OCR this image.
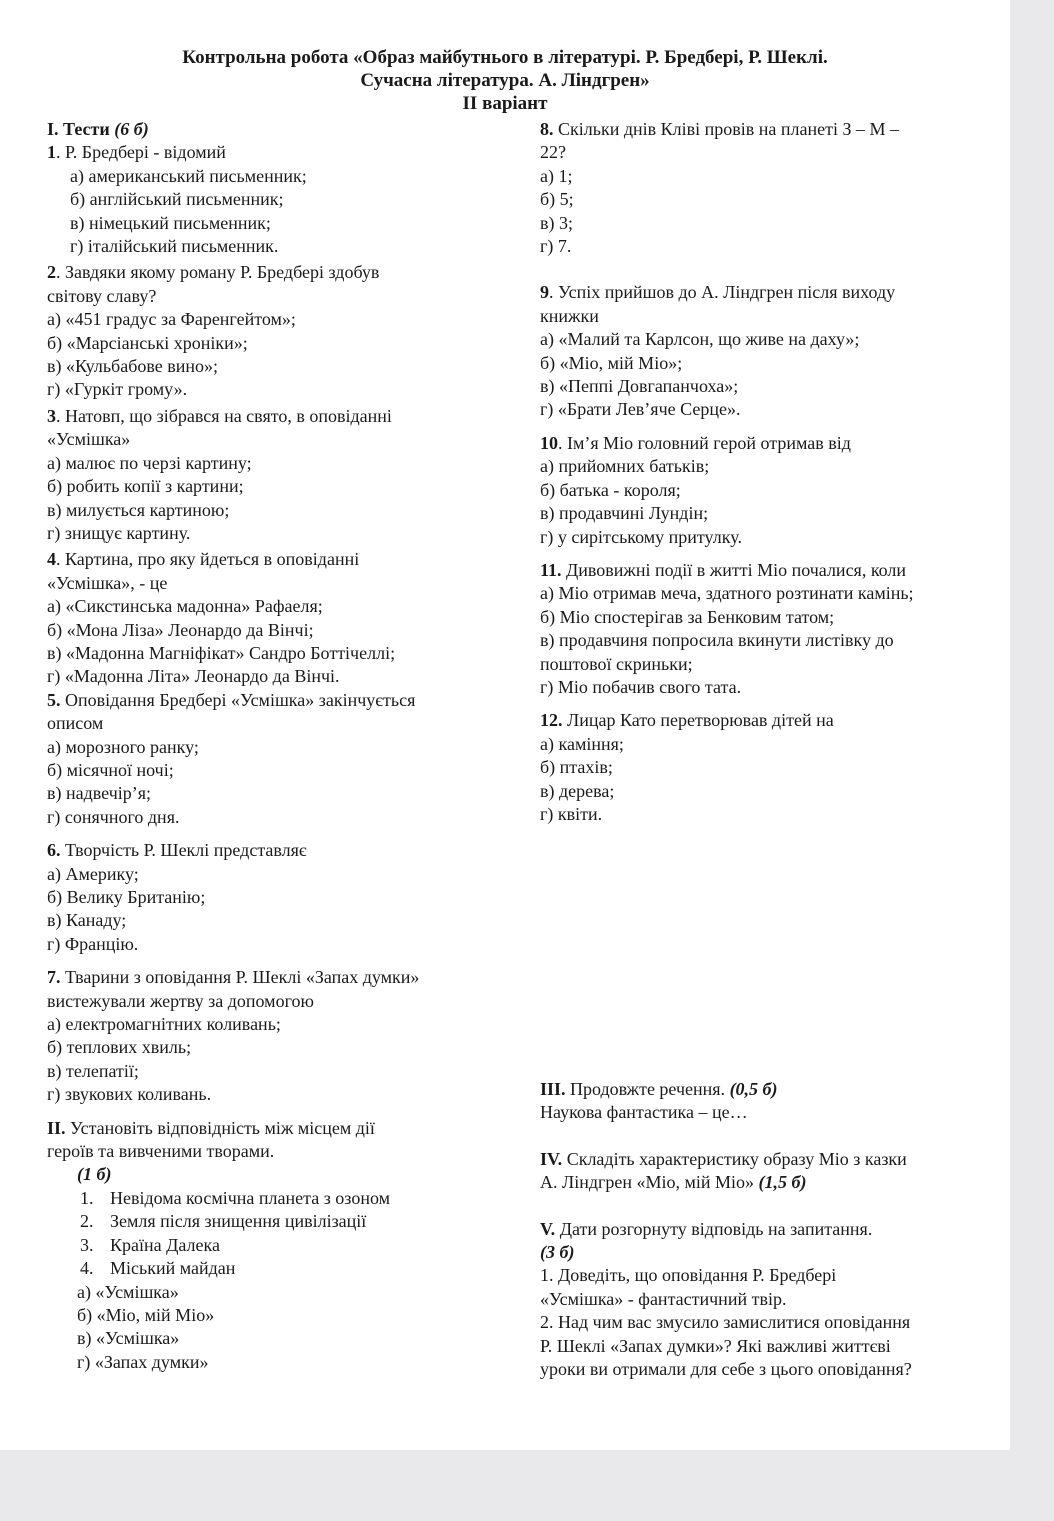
Контрольна робота «Образ майбутнього в літературі. Р. Бредбері, Р. Шеклі.
Сучасна література. А. Ліндгрен»
ІІ варіант
І. Тести (6 б)
1. Р. Бредбері - відомий
а) американський письменник;
б) англійський письменник;
в) німецький письменник;
г) італійський письменник.
2. Завдяки якому роману Р. Бредбері здобув
світову славу?
а) «451 градус за Фаренгейтом»;
б) «Марсіанські хроніки»;
в) «Кульбабове вино»;
г) «Гуркіт грому».
3. Натовп, що зібрався на свято, в оповіданні
«Усмішка»
а) малює по черзі картину;
б) робить копії з картини;
в) милується картиною;
г) знищує картину.
4. Картина, про яку йдеться в оповіданні
«Усмішка», - це
а) «Сикстинська мадонна» Рафаеля;
б) «Мона Ліза» Леонардо да Вінчі;
в) «Мадонна Магніфікат» Сандро Боттічеллі;
г) «Мадонна Літа» Леонардо да Вінчі.
5. Оповідання Бредбері «Усмішка» закінчується
описом
а) морозного ранку;
б) місячної ночі;
в) надвечір’я;
г) сонячного дня.
6. Творчість Р. Шеклі представляє
а) Америку;
б) Велику Британію;
в) Канаду;
г) Францію.
7. Тварини з оповідання Р. Шеклі «Запах думки»
вистежували жертву за допомогою
а) електромагнітних коливань;
б) теплових хвиль;
в) телепатії;
г) звукових коливань.
ІІ. Установіть відповідність між місцем дії
героїв та вивченими творами.
(1 б)
1. Невідома космічна планета з озоном
2. Земля після знищення цивілізації
3. Країна Далека
4. Міський майдан
а) «Усмішка»
б) «Міо, мій Міо»
в) «Усмішка»
г) «Запах думки»
8. Скільки днів Кліві провів на планеті З – М –
22?
а) 1;
б) 5;
в) 3;
г) 7.
9. Успіх прийшов до А. Ліндгрен після виходу
книжки
а) «Малий та Карлсон, що живе на даху»;
б) «Міо, мій Міо»;
в) «Пеппі Довгапанчоха»;
г) «Брати Лев’яче Серце».
10. Ім’я Міо головний герой отримав від
а) прийомних батьків;
б) батька - короля;
в) продавчині Лундін;
г) у сирітському притулку.
11. Дивовижні події в житті Міо почалися, коли
а) Міо отримав меча, здатного розтинати камінь;
б) Міо спостерігав за Бенковим татом;
в) продавчиня попросила вкинути листівку до
поштової скриньки;
г) Міо побачив свого тата.
12. Лицар Като перетворював дітей на
а) каміння;
б) птахів;
в) дерева;
г) квіти.
ІІІ. Продовжте речення. (0,5 б)
Наукова фантастика – це…
ІV. Складіть характеристику образу Міо з казки
А. Ліндгрен «Міо, мій Міо» (1,5 б)
V. Дати розгорнуту відповідь на запитання.
(3 б)
1. Доведіть, що оповідання Р. Бредбері
«Усмішка» - фантастичний твір.
2. Над чим вас змусило замислитися оповідання
Р. Шеклі «Запах думки»? Які важливі життєві
уроки ви отримали для себе з цього оповідання?
